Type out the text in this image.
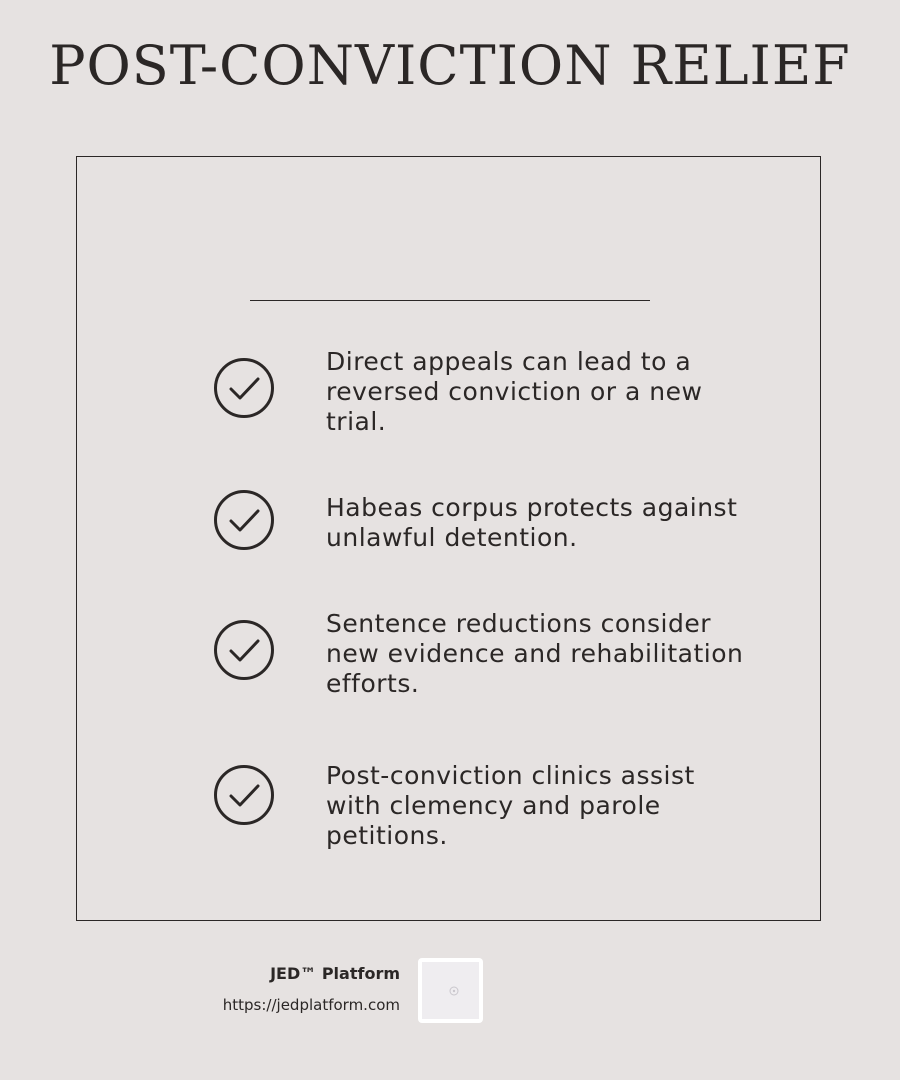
POST-CONVICTION RELIEF
Direct appeals can lead to a reversed conviction or a new trial.
Habeas corpus protects against unlawful detention.
Sentence reductions consider new evidence and rehabilitation efforts.
Post-conviction clinics assist with clemency and parole petitions.
JED™ Platform
https://jedplatform.com
